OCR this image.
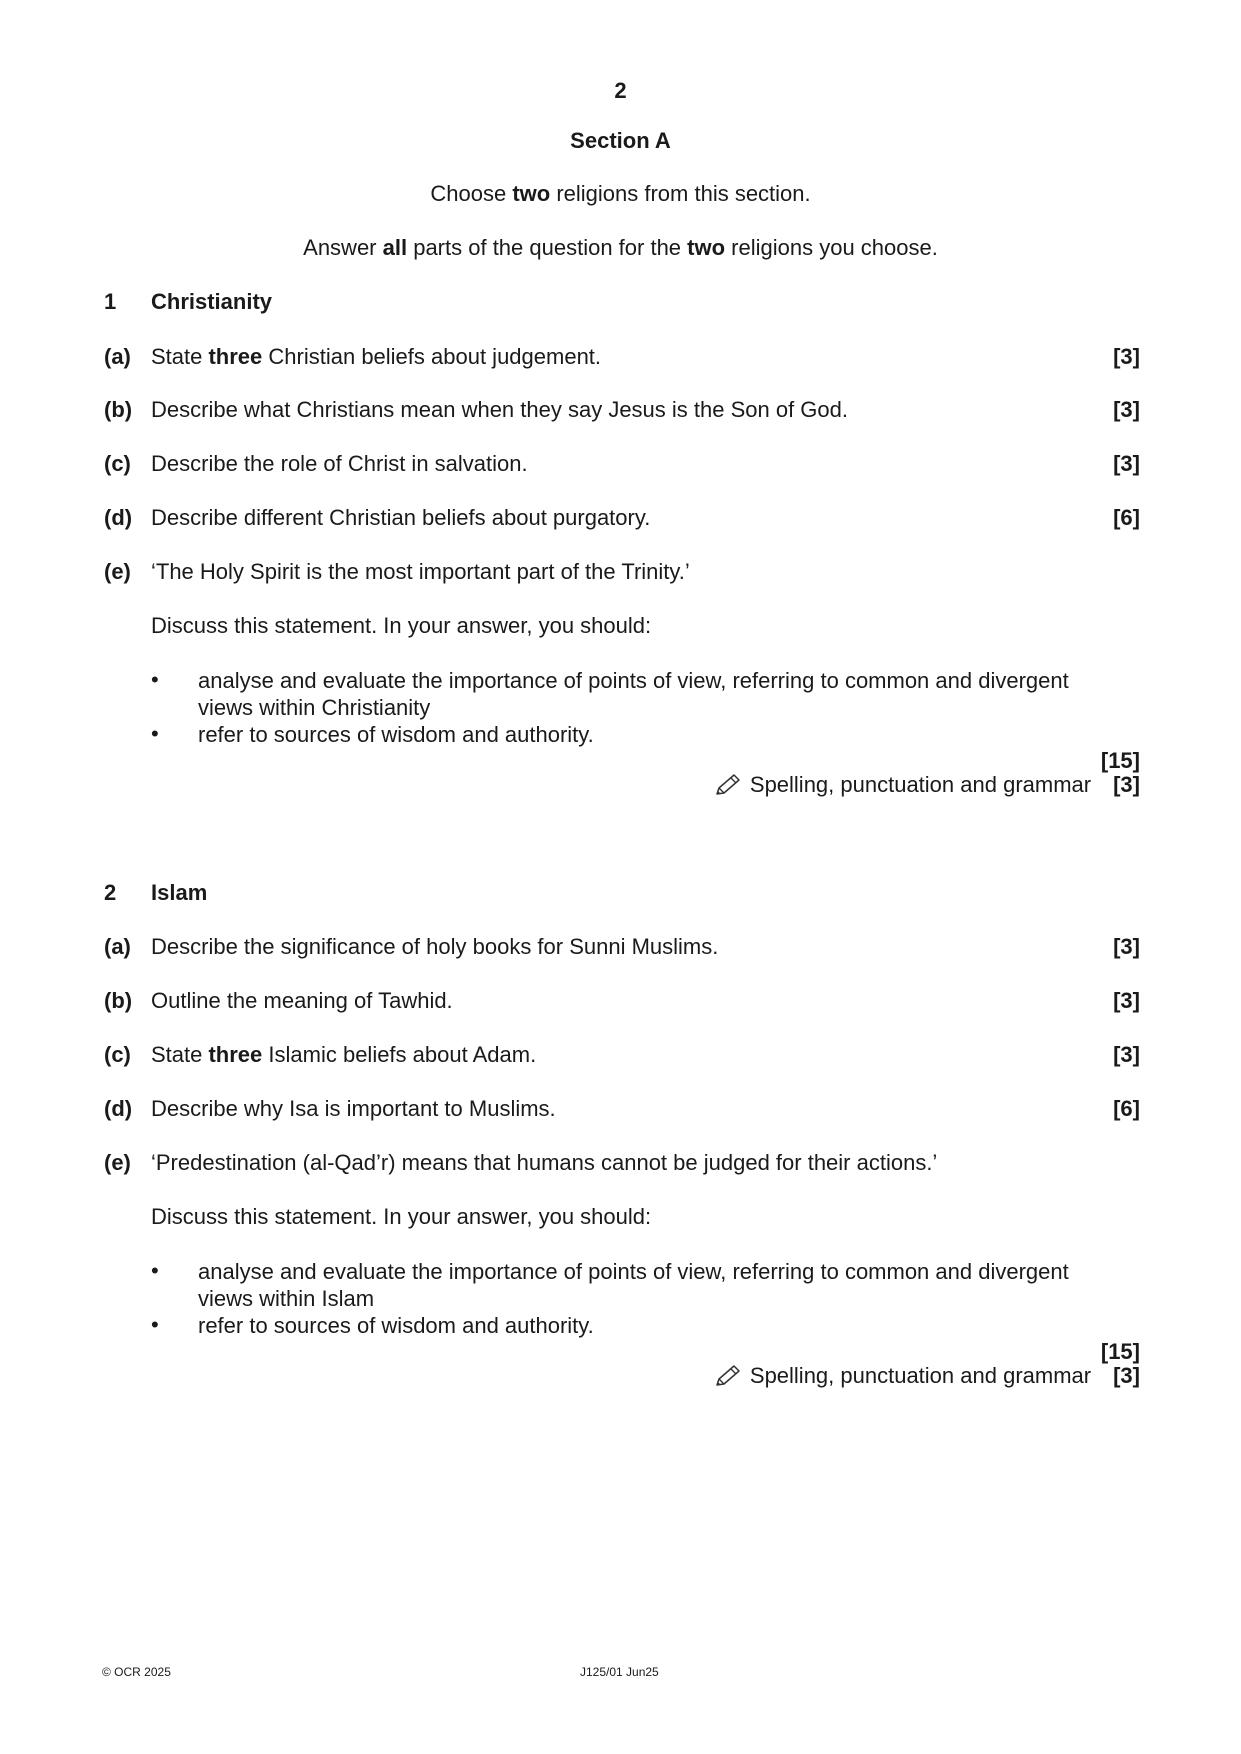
2
Section A
Choose two religions from this section.
Answer all parts of the question for the two religions you choose.
1 Christianity
(a) State three Christian beliefs about judgement.	[3]
(b) Describe what Christians mean when they say Jesus is the Son of God.	[3]
(c) Describe the role of Christ in salvation.	[3]
(d) Describe different Christian beliefs about purgatory.	[6]
(e) ‘The Holy Spirit is the most important part of the Trinity.’
Discuss this statement. In your answer, you should:
• analyse and evaluate the importance of points of view, referring to common and divergent views within Christianity
• refer to sources of wisdom and authority.
[15]
Spelling, punctuation and grammar [3]
2 Islam
(a) Describe the significance of holy books for Sunni Muslims.	[3]
(b) Outline the meaning of Tawhid.	[3]
(c) State three Islamic beliefs about Adam.	[3]
(d) Describe why Isa is important to Muslims.	[6]
(e) ‘Predestination (al-Qad’r) means that humans cannot be judged for their actions.’
Discuss this statement. In your answer, you should:
• analyse and evaluate the importance of points of view, referring to common and divergent views within Islam
• refer to sources of wisdom and authority.
[15]
Spelling, punctuation and grammar [3]
© OCR 2025	J125/01 Jun25
